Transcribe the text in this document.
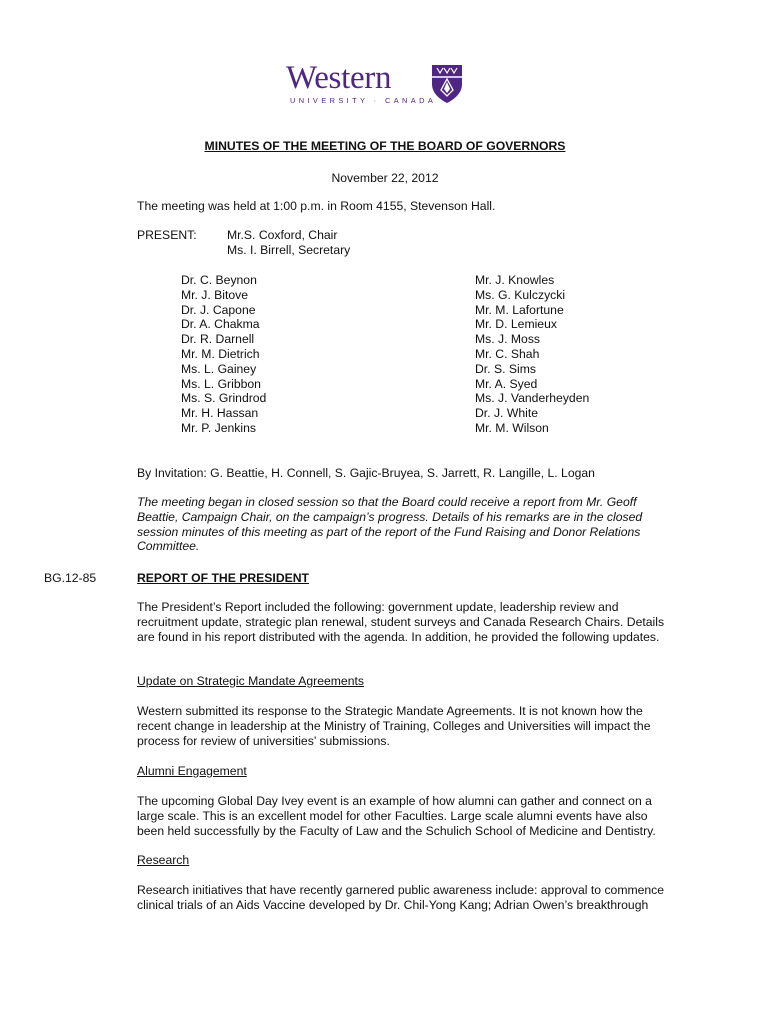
Western
UNIVERSITY · CANADA
MINUTES OF THE MEETING OF THE BOARD OF GOVERNORS
November 22, 2012
The meeting was held at 1:00 p.m. in Room 4155, Stevenson Hall.
PRESENT: Mr.S. Coxford, Chair
Ms. I. Birrell, Secretary
Dr. C. Beynon
Mr. J. Bitove
Dr. J. Capone
Dr. A. Chakma
Dr. R. Darnell
Mr. M. Dietrich
Ms. L. Gainey
Ms. L. Gribbon
Ms. S. Grindrod
Mr. H. Hassan
Mr. P. Jenkins
Mr. J. Knowles
Ms. G. Kulczycki
Mr. M. Lafortune
Mr. D. Lemieux
Ms. J. Moss
Mr. C. Shah
Dr. S. Sims
Mr. A. Syed
Ms. J. Vanderheyden
Dr. J. White
Mr. M. Wilson
By Invitation: G. Beattie, H. Connell, S. Gajic-Bruyea, S. Jarrett, R. Langille, L. Logan
The meeting began in closed session so that the Board could receive a report from Mr. Geoff Beattie, Campaign Chair, on the campaign’s progress. Details of his remarks are in the closed session minutes of this meeting as part of the report of the Fund Raising and Donor Relations Committee.
BG.12-85	REPORT OF THE PRESIDENT
The President’s Report included the following: government update, leadership review and recruitment update, strategic plan renewal, student surveys and Canada Research Chairs. Details are found in his report distributed with the agenda. In addition, he provided the following updates.
Update on Strategic Mandate Agreements
Western submitted its response to the Strategic Mandate Agreements. It is not known how the recent change in leadership at the Ministry of Training, Colleges and Universities will impact the process for review of universities’ submissions.
Alumni Engagement
The upcoming Global Day Ivey event is an example of how alumni can gather and connect on a large scale. This is an excellent model for other Faculties. Large scale alumni events have also been held successfully by the Faculty of Law and the Schulich School of Medicine and Dentistry.
Research
Research initiatives that have recently garnered public awareness include: approval to commence clinical trials of an Aids Vaccine developed by Dr. Chil-Yong Kang; Adrian Owen’s breakthrough
